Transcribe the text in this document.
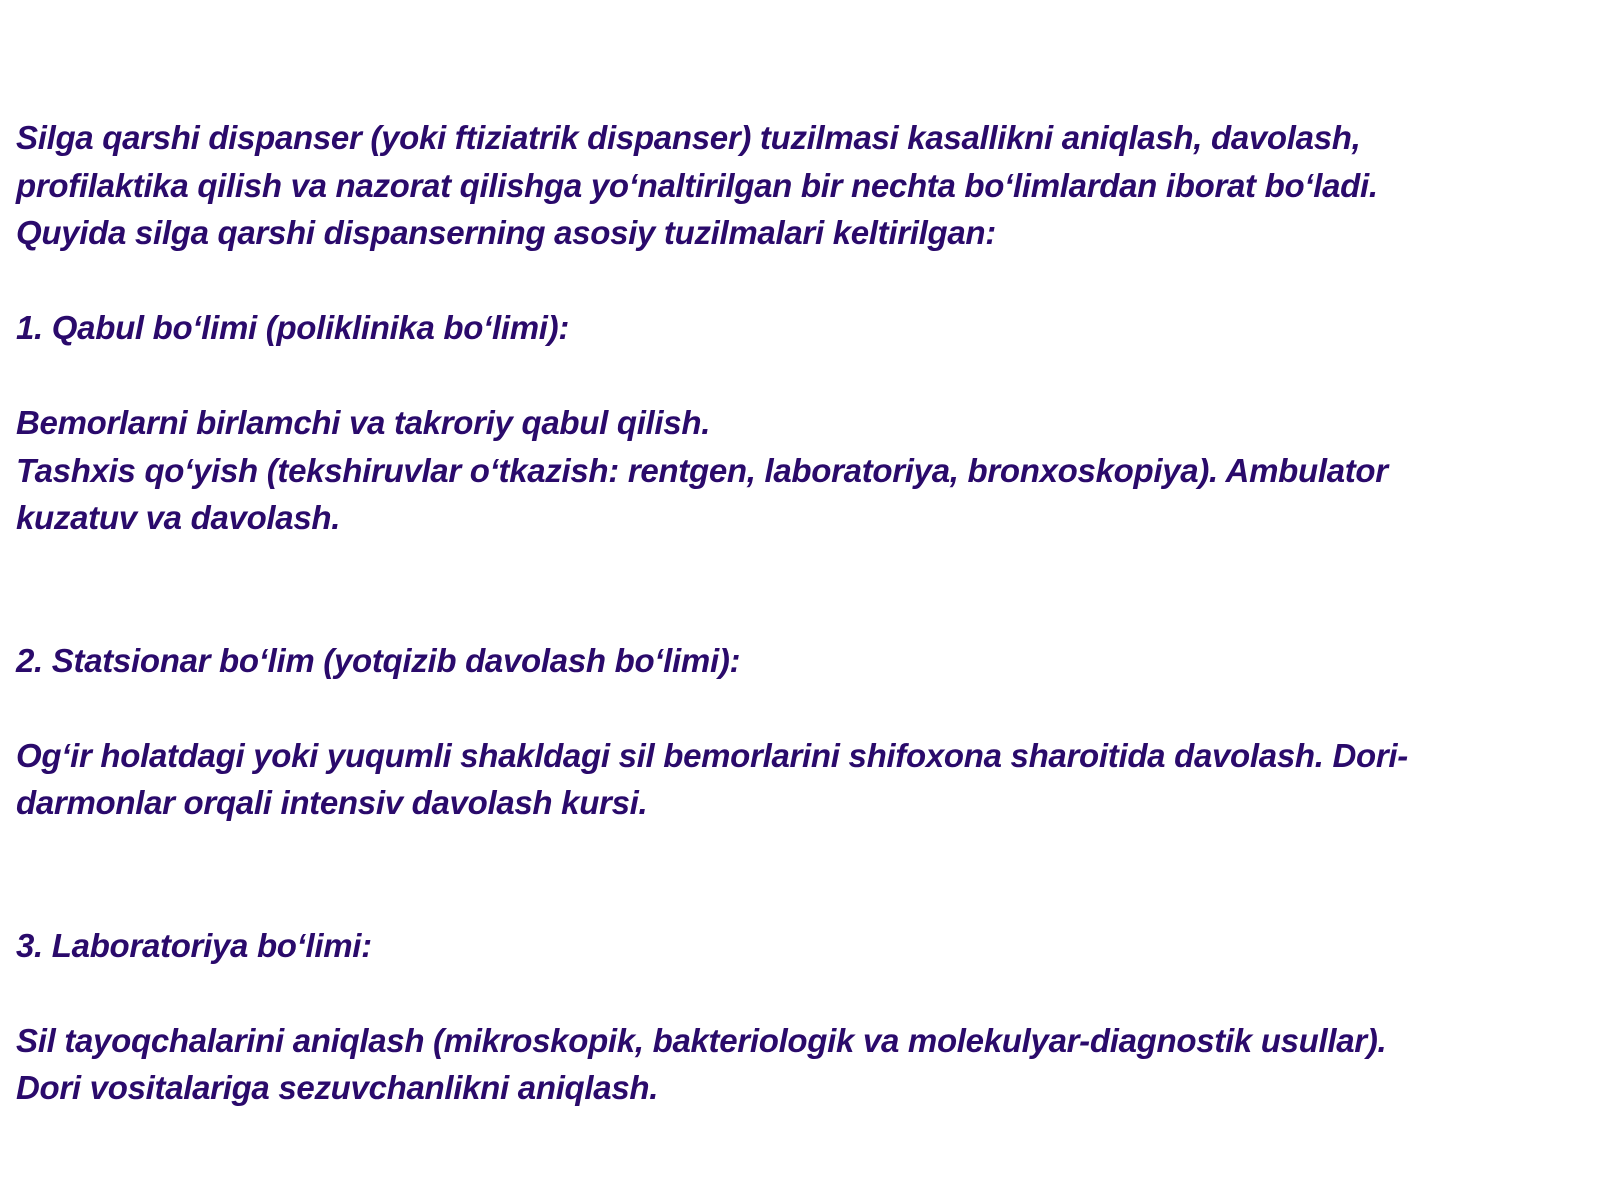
Silga qarshi dispanser (yoki ftiziatrik dispanser) tuzilmasi kasallikni aniqlash, davolash,
profilaktika qilish va nazorat qilishga yo‘naltirilgan bir nechta bo‘limlardan iborat bo‘ladi.
Quyida silga qarshi dispanserning asosiy tuzilmalari keltirilgan:
1. Qabul bo‘limi (poliklinika bo‘limi):
Bemorlarni birlamchi va takroriy qabul qilish.
Tashxis qo‘yish (tekshiruvlar o‘tkazish: rentgen, laboratoriya, bronxoskopiya). Ambulator
kuzatuv va davolash.
2. Statsionar bo‘lim (yotqizib davolash bo‘limi):
Og‘ir holatdagi yoki yuqumli shakldagi sil bemorlarini shifoxona sharoitida davolash. Dori-
darmonlar orqali intensiv davolash kursi.
3. Laboratoriya bo‘limi:
Sil tayoqchalarini aniqlash (mikroskopik, bakteriologik va molekulyar-diagnostik usullar).
Dori vositalariga sezuvchanlikni aniqlash.
